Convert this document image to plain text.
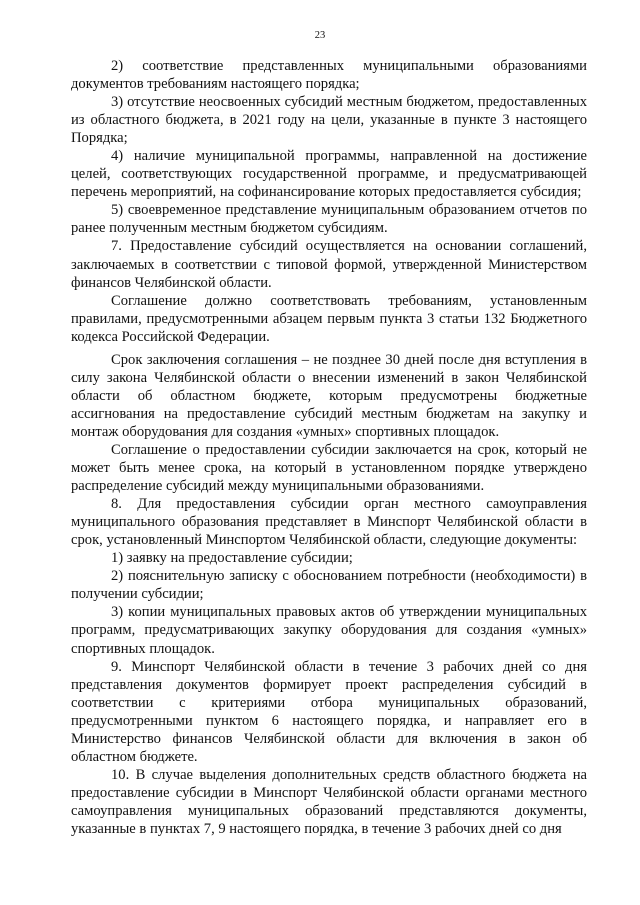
23

2) соответствие представленных муниципальными образованиями документов требованиям настоящего порядка;

3) отсутствие неосвоенных субсидий местным бюджетом, предоставленных из областного бюджета, в 2021 году на цели, указанные в пункте 3 настоящего Порядка;

4) наличие муниципальной программы, направленной на достижение целей, соответствующих государственной программе, и предусматривающей перечень мероприятий, на софинансирование которых предоставляется субсидия;

5) своевременное представление муниципальным образованием отчетов по ранее полученным местным бюджетом субсидиям.

7. Предоставление субсидий осуществляется на основании соглашений, заключаемых в соответствии с типовой формой, утвержденной Министерством финансов Челябинской области.

Соглашение должно соответствовать требованиям, установленным правилами, предусмотренными абзацем первым пункта 3 статьи 132 Бюджетного кодекса Российской Федерации.

Срок заключения соглашения – не позднее 30 дней после дня вступления в силу закона Челябинской области о внесении изменений в закон Челябинской области об областном бюджете, которым предусмотрены бюджетные ассигнования на предоставление субсидий местным бюджетам на закупку и монтаж оборудования для создания «умных» спортивных площадок.

Соглашение о предоставлении субсидии заключается на срок, который не может быть менее срока, на который в установленном порядке утверждено распределение субсидий между муниципальными образованиями.

8. Для предоставления субсидии орган местного самоуправления муниципального образования представляет в Минспорт Челябинской области в срок, установленный Минспортом Челябинской области, следующие документы:

1) заявку на предоставление субсидии;

2) пояснительную записку с обоснованием потребности (необходимости) в получении субсидии;

3) копии муниципальных правовых актов об утверждении муниципальных программ, предусматривающих закупку оборудования для создания «умных» спортивных площадок.

9. Минспорт Челябинской области в течение 3 рабочих дней со дня представления документов формирует проект распределения субсидий в соответствии с критериями отбора муниципальных образований, предусмотренными пунктом 6 настоящего порядка, и направляет его в Министерство финансов Челябинской области для включения в закон об областном бюджете.

10. В случае выделения дополнительных средств областного бюджета на предоставление субсидии в Минспорт Челябинской области органами местного самоуправления муниципальных образований представляются документы, указанные в пунктах 7, 9 настоящего порядка, в течение 3 рабочих дней со дня
